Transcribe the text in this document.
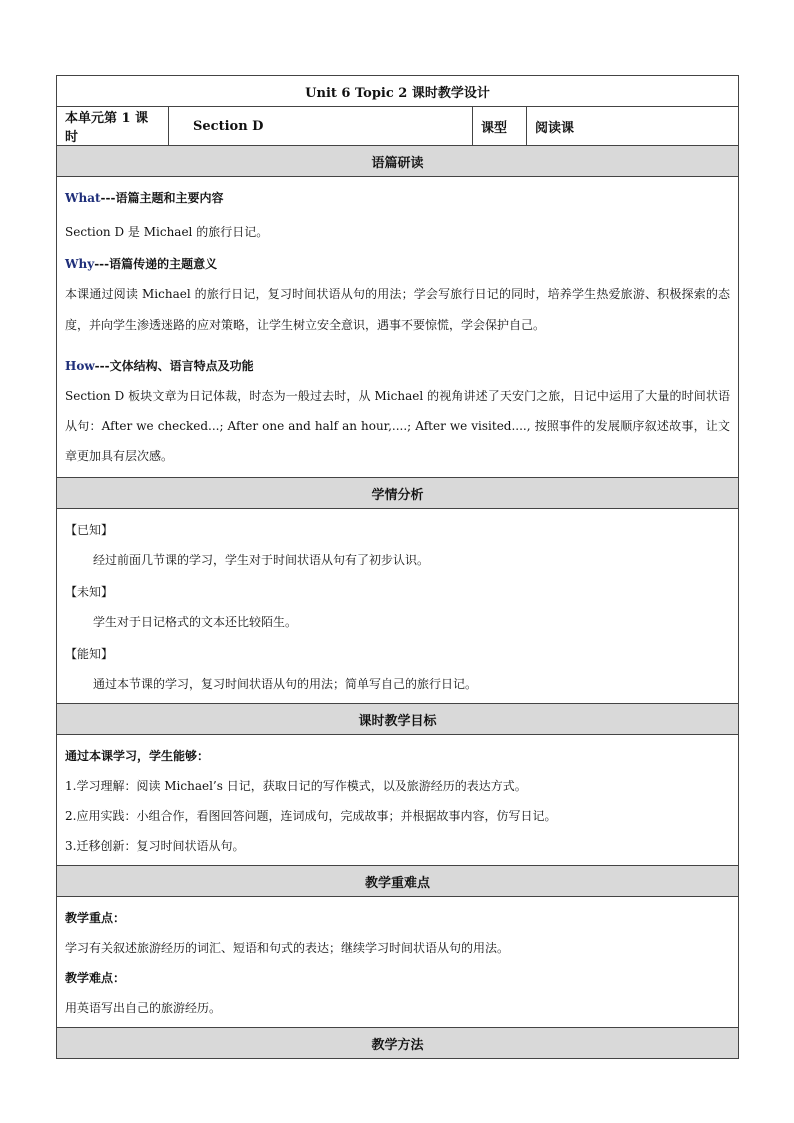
Unit 6 Topic 2 课时教学设计
本单元第 1 课时	Section D	课型	阅读课
语篇研读

What---语篇主题和主要内容

Section D 是 Michael 的旅行日记。

Why---语篇传递的主题意义

本课通过阅读 Michael 的旅行日记，复习时间状语从句的用法；学会写旅行日记的同时，培养学生热爱旅游、积极探索的态度，并向学生渗透迷路的应对策略，让学生树立安全意识，遇事不要惊慌，学会保护自己。

How---文体结构、语言特点及功能

Section D 板块文章为日记体裁，时态为一般过去时，从 Michael 的视角讲述了天安门之旅，日记中运用了大量的时间状语从句：After we checked...; After one and half an hour,....; After we visited...., 按照事件的发展顺序叙述故事，让文章更加具有层次感。

学情分析

【已知】

经过前面几节课的学习，学生对于时间状语从句有了初步认识。

【未知】

学生对于日记格式的文本还比较陌生。

【能知】

通过本节课的学习，复习时间状语从句的用法；简单写自己的旅行日记。

课时教学目标

通过本课学习，学生能够：

1.学习理解：阅读 Michael’s 日记，获取日记的写作模式，以及旅游经历的表达方式。

2.应用实践：小组合作，看图回答问题，连词成句，完成故事；并根据故事内容，仿写日记。

3.迁移创新：复习时间状语从句。

教学重难点

教学重点：

学习有关叙述旅游经历的词汇、短语和句式的表达；继续学习时间状语从句的用法。

教学难点：

用英语写出自己的旅游经历。

教学方法
